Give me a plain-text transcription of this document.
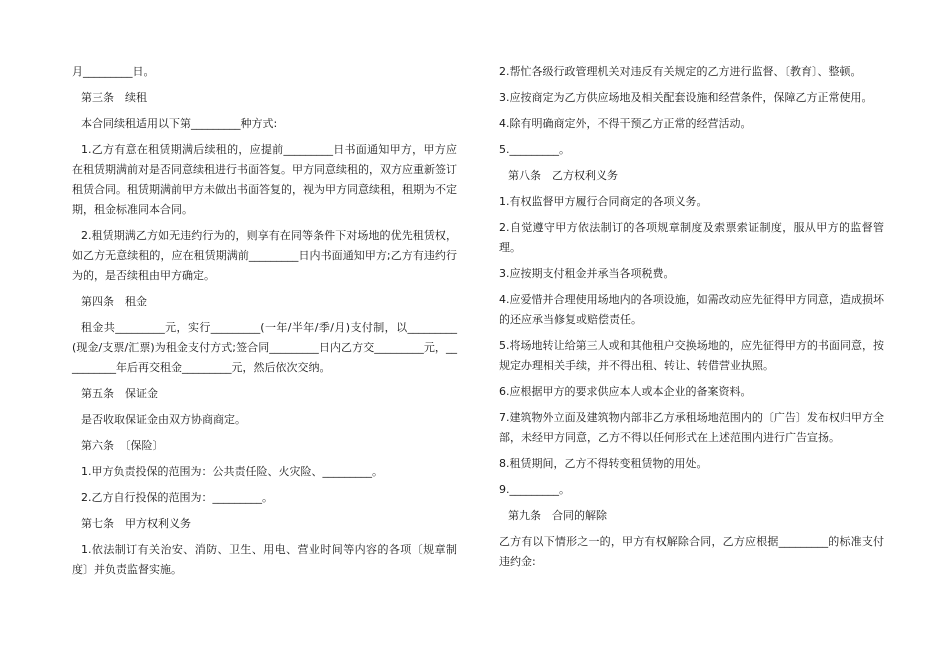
月_________日。

第三条　续租

本合同续租适用以下第_________种方式:

1.乙方有意在租赁期满后续租的，应提前_________日书面通知甲方，甲方应在租赁期满前对是否同意续租进行书面答复。甲方同意续租的，双方应重新签订租赁合同。租赁期满前甲方未做出书面答复的，视为甲方同意续租，租期为不定期，租金标准同本合同。

2.租赁期满乙方如无违约行为的，则享有在同等条件下对场地的优先租赁权，如乙方无意续租的，应在租赁期满前_________日内书面通知甲方;乙方有违约行为的，是否续租由甲方确定。

第四条　租金

租金共_________元，实行_________(一年/半年/季/月)支付制，以_________(现金/支票/汇票)为租金支付方式;签合同_________日内乙方交_________元，__________年后再交租金_________元，然后依次交纳。

第五条　保证金

是否收取保证金由双方协商商定。

第六条　〔保险〕

1.甲方负责投保的范围为：公共责任险、火灾险、_________。

2.乙方自行投保的范围为：_________。

第七条　甲方权利义务

1.依法制订有关治安、消防、卫生、用电、营业时间等内容的各项〔规章制度〕并负责监督实施。

2.帮忙各级行政管理机关对违反有关规定的乙方进行监督、〔教育〕、整顿。

3.应按商定为乙方供应场地及相关配套设施和经营条件，保障乙方正常使用。

4.除有明确商定外，不得干预乙方正常的经营活动。

5._________。

第八条　乙方权利义务

1.有权监督甲方履行合同商定的各项义务。

2.自觉遵守甲方依法制订的各项规章制度及索票索证制度，服从甲方的监督管理。

3.应按期支付租金并承当各项税费。

4.应爱惜并合理使用场地内的各项设施，如需改动应先征得甲方同意，造成损坏的还应承当修复或赔偿责任。

5.将场地转让给第三人或和其他租户交换场地的，应先征得甲方的书面同意，按规定办理相关手续，并不得出租、转让、转借营业执照。

6.应根据甲方的要求供应本人或本企业的备案资料。

7.建筑物外立面及建筑物内部非乙方承租场地范围内的〔广告〕发布权归甲方全部，未经甲方同意，乙方不得以任何形式在上述范围内进行广告宣扬。

8.租赁期间，乙方不得转变租赁物的用处。

9._________。

第九条　合同的解除

乙方有以下情形之一的，甲方有权解除合同，乙方应根据_________的标准支付违约金:
